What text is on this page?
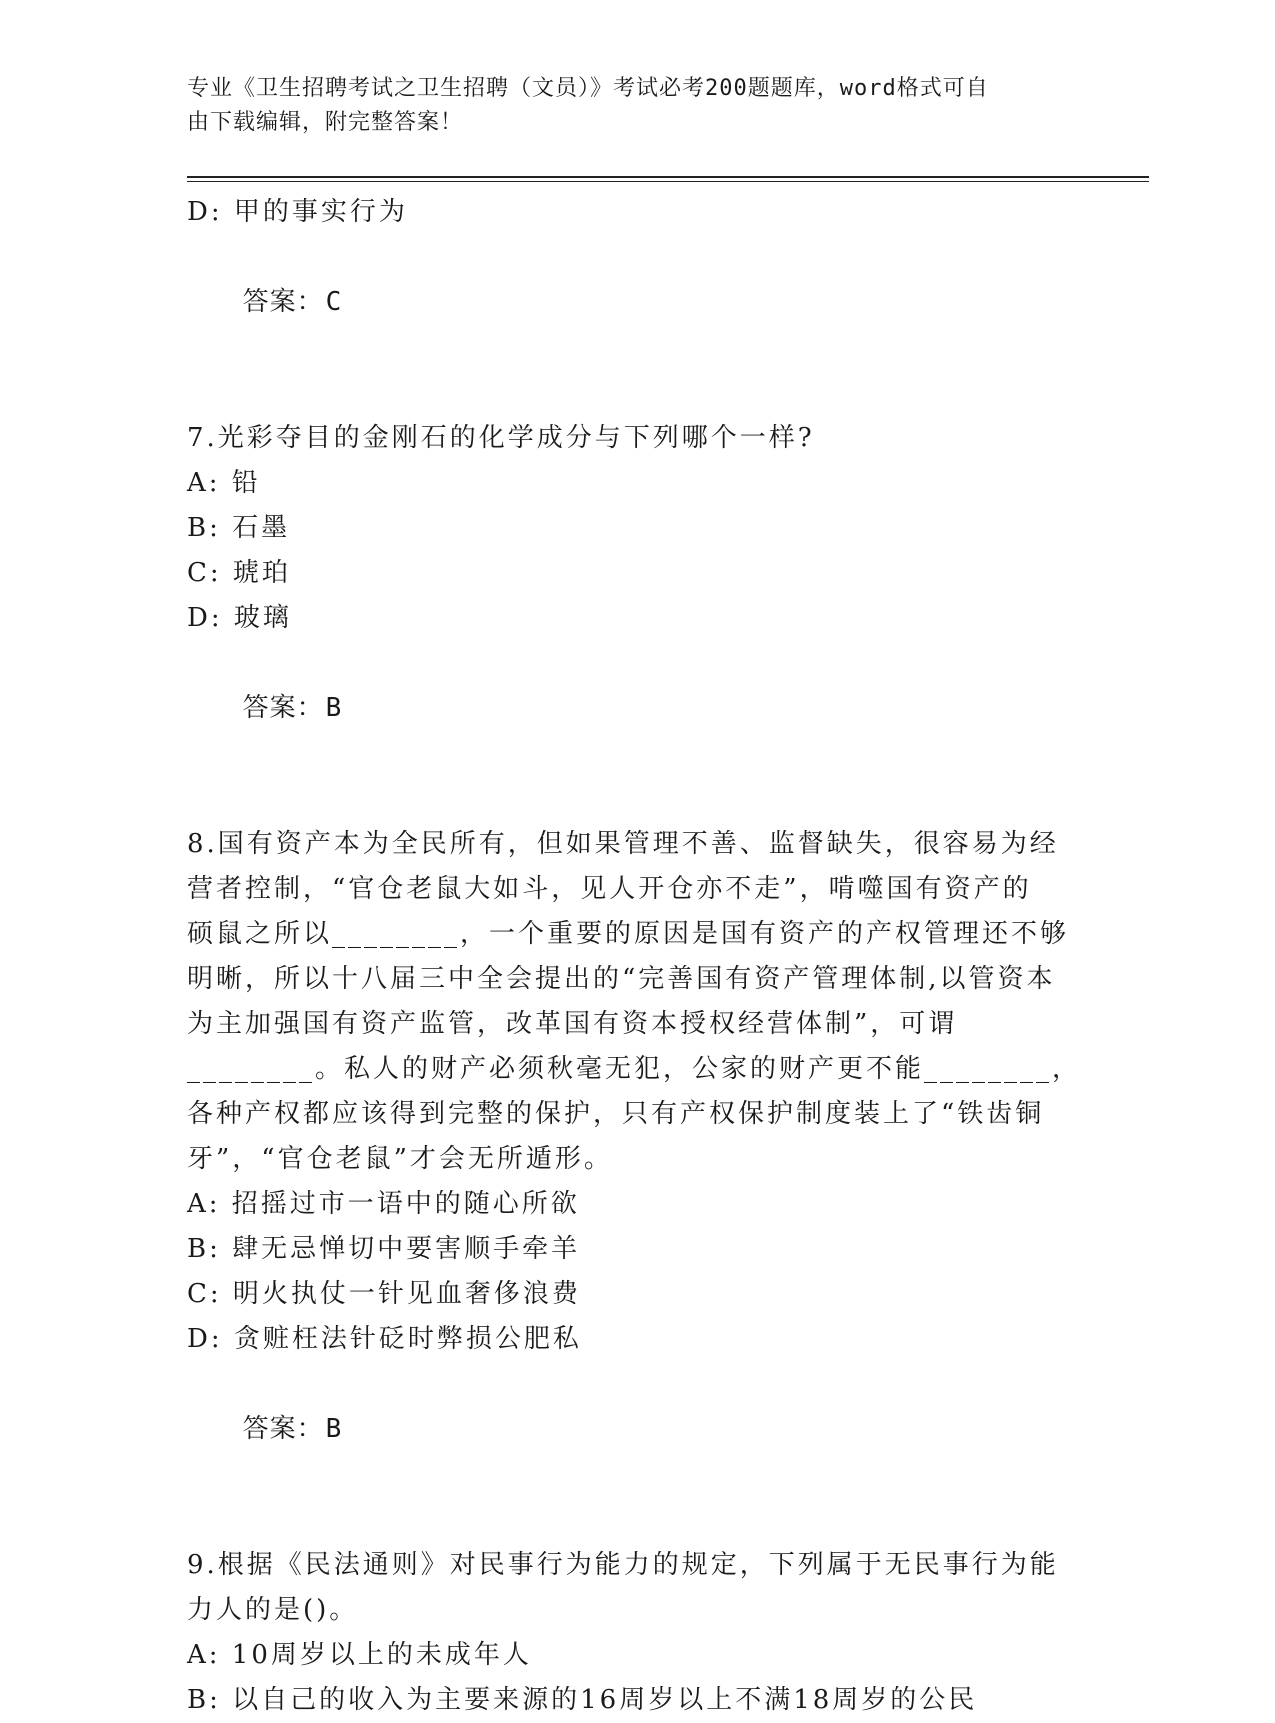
专业《卫生招聘考试之卫生招聘（文员）》考试必考200题题库，word格式可自
由下载编辑，附完整答案！
D: 甲的事实行为

答案：C

7.光彩夺目的金刚石的化学成分与下列哪个一样?
A: 铅
B: 石墨
C: 琥珀
D: 玻璃

答案：B

8.国有资产本为全民所有，但如果管理不善、监督缺失，很容易为经
营者控制，“官仓老鼠大如斗，见人开仓亦不走”，啃噬国有资产的
硕鼠之所以________，一个重要的原因是国有资产的产权管理还不够
明晰，所以十八届三中全会提出的“完善国有资产管理体制,以管资本
为主加强国有资产监管，改革国有资本授权经营体制”，可谓
________。私人的财产必须秋毫无犯，公家的财产更不能________，
各种产权都应该得到完整的保护，只有产权保护制度装上了“铁齿铜
牙”，“官仓老鼠”才会无所遁形。
A: 招摇过市一语中的随心所欲
B: 肆无忌惮切中要害顺手牵羊
C: 明火执仗一针见血奢侈浪费
D: 贪赃枉法针砭时弊损公肥私

答案：B

9.根据《民法通则》对民事行为能力的规定，下列属于无民事行为能
力人的是()。
A: 10周岁以上的未成年人
B: 以自己的收入为主要来源的16周岁以上不满18周岁的公民
